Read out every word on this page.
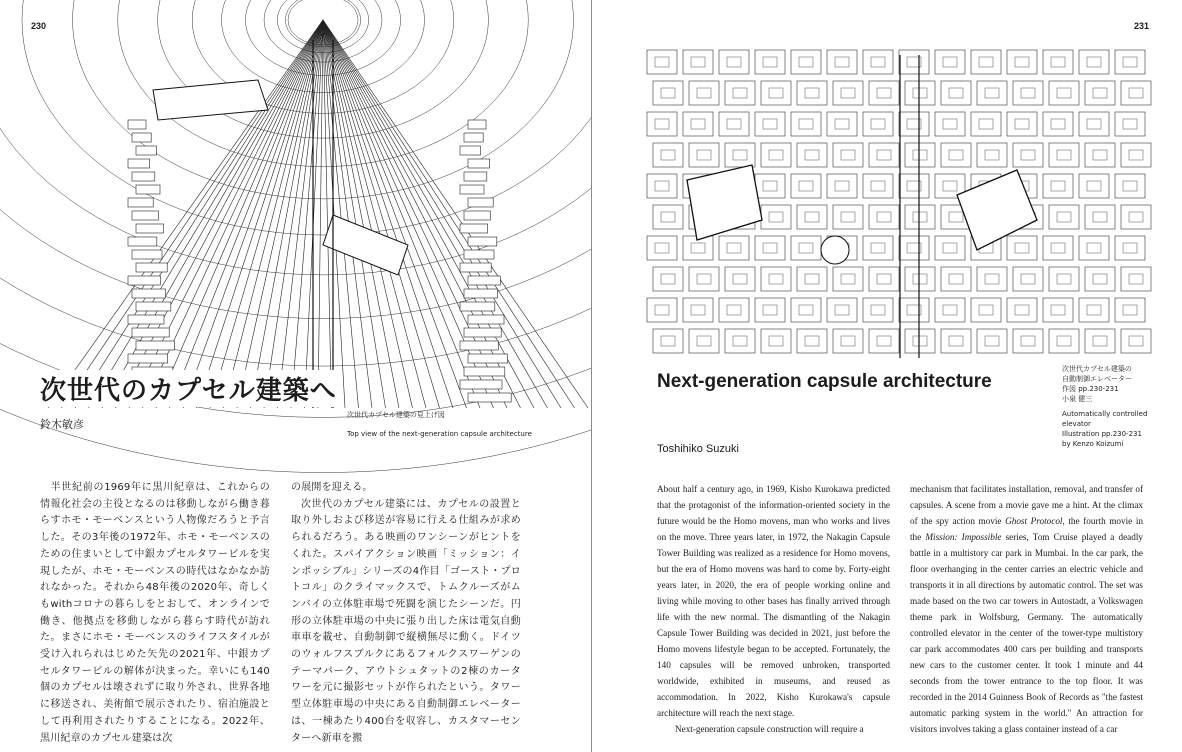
230
次世代のカプセル建築へ
鈴木敏彦
次世代カプセル建築の見上げ図
Top view of the next-generation capsule architecture

半世紀前の1969年に黒川紀章は、これからの情報化社会の主役となるのは移動しながら働き暮らすホモ・モーベンスという人物像だろうと予言した。その3年後の1972年、ホモ・モーベンスのための住まいとして中銀カプセルタワービルを実現したが、ホモ・モーベンスの時代はなかなか訪れなかった。それから48年後の2020年、奇しくもwithコロナの暮らしをとおして、オンラインで働き、他拠点を移動しながら暮らす時代が訪れた。まさにホモ・モーベンスのライフスタイルが受け入れられはじめた矢先の2021年、中銀カプセルタワービルの解体が決まった。幸いにも140個のカプセルは壊されずに取り外され、世界各地に移送され、美術館で展示されたり、宿泊施設として再利用されたりすることになる。2022年、黒川紀章のカプセル建築は次

の展開を迎える。
次世代のカプセル建築には、カプセルの設置と取り外しおよび移送が容易に行える仕組みが求められるだろう。ある映画のワンシーンがヒントをくれた。スパイアクション映画「ミッション：インポッシブル」シリーズの4作目「ゴースト・プロトコル」のクライマックスで、トムクルーズがムンバイの立体駐車場で死闘を演じたシーンだ。円形の立体駐車場の中央に張り出した床は電気自動車車を載せ、自動制御で縦横無尽に動く。ドイツのウォルフスブルクにあるフォルクスワーゲンのテーマパーク、アウトシュタットの2棟のカータワーを元に撮影セットが作られたという。タワー型立体駐車場の中央にある自動制御エレベーターは、一棟あたり400台を収容し、カスタマーセンターへ新車を搬
231
Next-generation capsule architecture
Toshihiko Suzuki
次世代カプセル建築の
自動制御エレベーター
作図 pp.230-231
小泉 健三
Automatically controlled
elevator
Illustration pp.230-231
by Kenzo Koizumi
About half a century ago, in 1969, Kisho Kurokawa predicted that the protagonist of the information-oriented society in the future would be the Homo movens, man who works and lives on the move. Three years later, in 1972, the Nakagin Capsule Tower Building was realized as a residence for Homo movens, but the era of Homo movens was hard to come by. Forty-eight years later, in 2020, the era of people working online and living while moving to other bases has finally arrived through life with the new normal. The dismantling of the Nakagin Capsule Tower Building was decided in 2021, just before the Homo movens lifestyle began to be accepted. Fortunately, the 140 capsules will be removed unbroken, transported worldwide, exhibited in museums, and reused as accommodation. In 2022, Kisho Kurokawa's capsule architecture will reach the next stage.
Next-generation capsule construction will require a
mechanism that facilitates installation, removal, and transfer of capsules. A scene from a movie gave me a hint. At the climax of the spy action movie Ghost Protocol, the fourth movie in the Mission: Impossible series, Tom Cruise played a deadly battle in a multistory car park in Mumbai. In the car park, the floor overhanging in the center carries an electric vehicle and transports it in all directions by automatic control. The set was made based on the two car towers in Autostadt, a Volkswagen theme park in Wolfsburg, Germany. The automatically controlled elevator in the center of the tower-type multistory car park accommodates 400 cars per building and transports new cars to the customer center. It took 1 minute and 44 seconds from the tower entrance to the top floor. It was recorded in the 2014 Guinness Book of Records as "the fastest automatic parking system in the world." An attraction for visitors involves taking a glass container instead of a car
